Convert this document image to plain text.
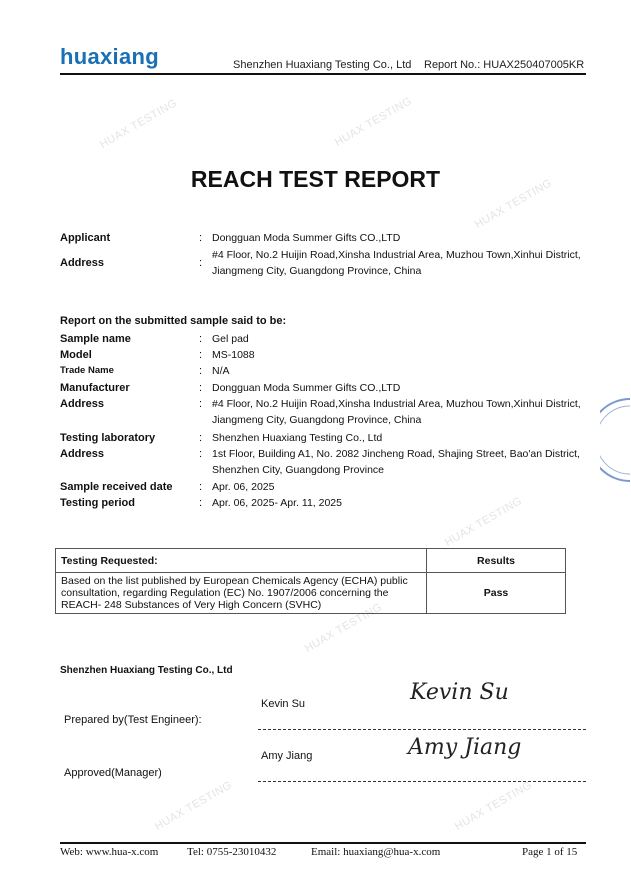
HUAX TESTING	HUAX TESTING
HUAX TESTING
HUAX TESTING
HUAX TESTING
HUAX TESTING	HUAX TESTING
huaxiang	Shenzhen Huaxiang Testing Co., Ltd Report No.: HUAX250407005KR
REACH TEST REPORT
Applicant	: Dongguan Moda Summer Gifts CO.,LTD
Address	:
#4 Floor, No.2 Huijin Road,Xinsha Industrial Area, Muzhou Town,Xinhui District, Jiangmeng City, Guangdong Province, China
Report on the submitted sample said to be:
Sample name	: Gel pad
Model	: MS-1088
Trade Name	: N/A
Manufacturer	: Dongguan Moda Summer Gifts CO.,LTD
Address	: #4 Floor, No.2 Huijin Road,Xinsha Industrial Area, Muzhou Town,Xinhui District, Jiangmeng City, Guangdong Province, China
Testing laboratory	: Shenzhen Huaxiang Testing Co., Ltd
Address	: 1st Floor, Building A1, No. 2082 Jincheng Road, Shajing Street, Bao'an District, Shenzhen City, Guangdong Province
Sample received date : Apr. 06, 2025
Testing period	: Apr. 06, 2025- Apr. 11, 2025
Testing Requested:	Results
Based on the list published by European Chemicals Agency (ECHA) public consultation, regarding Regulation (EC) No. 1907/2006 concerning the REACH- 248 Substances of Very High Concern (SVHC)	Pass
Shenzhen Huaxiang Testing Co., Ltd
Kevin Su	Kevin Su
Prepared by(Test Engineer):
Amy Jiang	Amy Jiang
Approved(Manager)
Web: www.hua-x.com	Tel: 0755-23010432	Email: huaxiang@hua-x.com	Page 1 of 15
